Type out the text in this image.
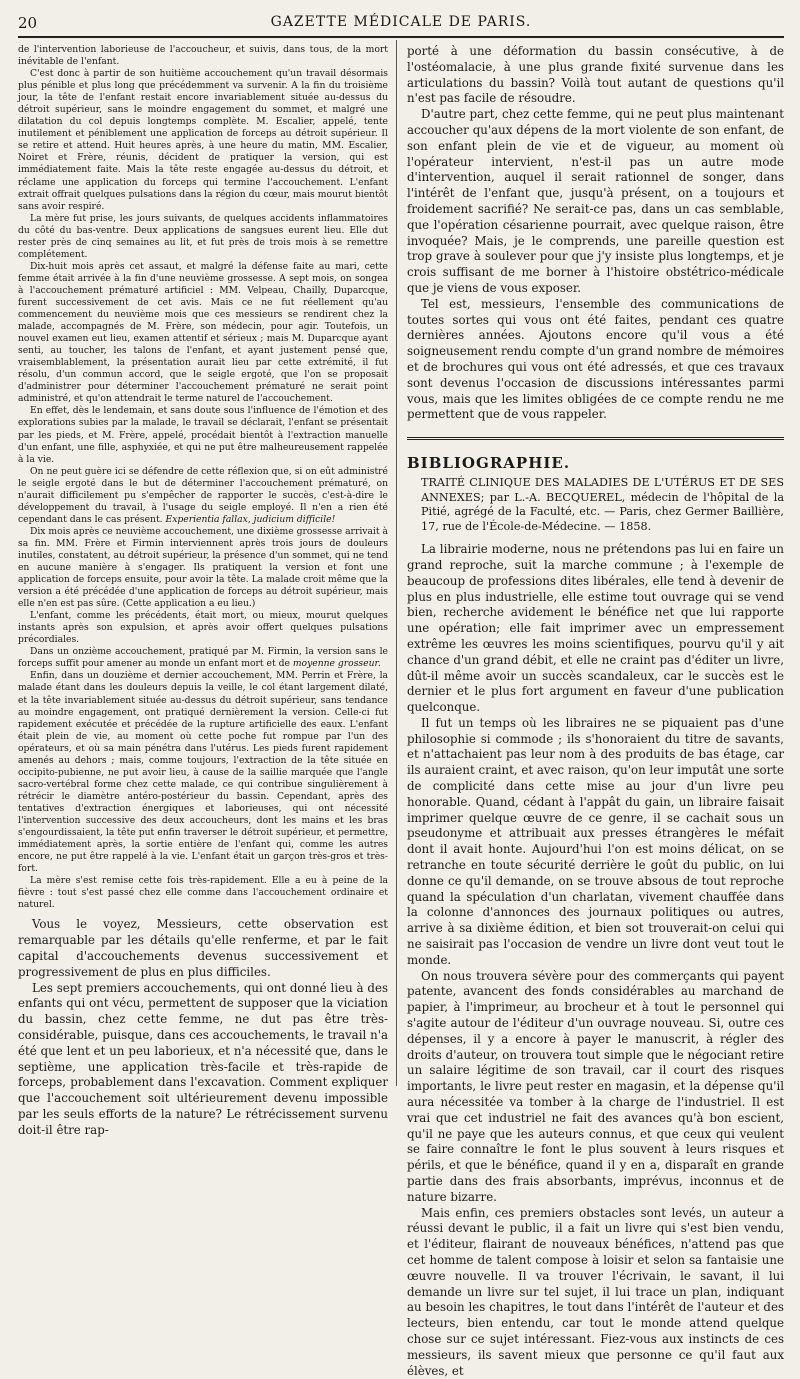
20	GAZETTE MÉDICALE DE PARIS.

de l'intervention laborieuse de l'accoucheur, et suivis, dans tous, de la mort inévitable de l'enfant.

C'est donc à partir de son huitième accouchement qu'un travail désormais plus pénible et plus long que précédemment va survenir. A la fin du troisième jour, la tête de l'enfant restait encore invariablement située au-dessus du détroit supérieur, sans le moindre engagement du sommet, et malgré une dilatation du col depuis longtemps complète. M. Escalier, appelé, tente inutilement et péniblement une application de forceps au détroit supérieur. Il se retire et attend. Huit heures après, à une heure du matin, MM. Escalier, Noiret et Frère, réunis, décident de pratiquer la version, qui est immédiatement faite. Mais la tête reste engagée au-dessus du détroit, et réclame une application du forceps qui termine l'accouchement. L'enfant extrait offrait quelques pulsations dans la région du cœur, mais mourut bientôt sans avoir respiré.

La mère fut prise, les jours suivants, de quelques accidents inflammatoires du côté du bas-ventre. Deux applications de sangsues eurent lieu. Elle dut rester près de cinq semaines au lit, et fut près de trois mois à se remettre complétement.

Dix-huit mois après cet assaut, et malgré la défense faite au mari, cette femme était arrivée à la fin d'une neuvième grossesse. A sept mois, on songea à l'accouchement prématuré artificiel : MM. Velpeau, Chailly, Duparcque, furent successivement de cet avis. Mais ce ne fut réellement qu'au commencement du neuvième mois que ces messieurs se rendirent chez la malade, accompagnés de M. Frère, son médecin, pour agir. Toutefois, un nouvel examen eut lieu, examen attentif et sérieux ; mais M. Duparcque ayant senti, au toucher, les talons de l'enfant, et ayant justement pensé que, vraisemblablement, la présentation aurait lieu par cette extrémité, il fut résolu, d'un commun accord, que le seigle ergoté, que l'on se proposait d'administrer pour déterminer l'accouchement prématuré ne serait point administré, et qu'on attendrait le terme naturel de l'accouchement.

En effet, dès le lendemain, et sans doute sous l'influence de l'émotion et des explorations subies par la malade, le travail se déclarait, l'enfant se présentait par les pieds, et M. Frère, appelé, procédait bientôt à l'extraction manuelle d'un enfant, une fille, asphyxiée, et qui ne put être malheureusement rappelée à la vie.

On ne peut guère ici se défendre de cette réflexion que, si on eût administré le seigle ergoté dans le but de déterminer l'accouchement prématuré, on n'aurait difficilement pu s'empêcher de rapporter le succès, c'est-à-dire le développement du travail, à l'usage du seigle employé. Il n'en a rien été cependant dans le cas présent. Experientia fallax, judicium difficile!

Dix mois après ce neuvième accouchement, une dixième grossesse arrivait à sa fin. MM. Frère et Firmin interviennent après trois jours de douleurs inutiles, constatent, au détroit supérieur, la présence d'un sommet, qui ne tend en aucune manière à s'engager. Ils pratiquent la version et font une application de forceps ensuite, pour avoir la tête. La malade croit même que la version a été précédée d'une application de forceps au détroit supérieur, mais elle n'en est pas sûre. (Cette application a eu lieu.)

L'enfant, comme les précédents, était mort, ou mieux, mourut quelques instants après son expulsion, et après avoir offert quelques pulsations précordiales.

Dans un onzième accouchement, pratiqué par M. Firmin, la version sans le forceps suffit pour amener au monde un enfant mort et de moyenne grosseur.

Enfin, dans un douzième et dernier accouchement, MM. Perrin et Frère, la malade étant dans les douleurs depuis la veille, le col étant largement dilaté, et la tête invariablement située au-dessus du détroit supérieur, sans tendance au moindre engagement, ont pratiqué dernièrement la version. Celle-ci fut rapidement exécutée et précédée de la rupture artificielle des eaux. L'enfant était plein de vie, au moment où cette poche fut rompue par l'un des opérateurs, et où sa main pénétra dans l'utérus. Les pieds furent rapidement amenés au dehors ; mais, comme toujours, l'extraction de la tête située en occipito-pubienne, ne put avoir lieu, à cause de la saillie marquée que l'angle sacro-vertébral forme chez cette malade, ce qui contribue singulièrement à rétrécir le diamètre antéro-postérieur du bassin. Cependant, après des tentatives d'extraction énergiques et laborieuses, qui ont nécessité l'intervention successive des deux accoucheurs, dont les mains et les bras s'engourdissaient, la tête put enfin traverser le détroit supérieur, et permettre, immédiatement après, la sortie entière de l'enfant qui, comme les autres encore, ne put être rappelé à la vie. L'enfant était un garçon très-gros et très-fort.

La mère s'est remise cette fois très-rapidement. Elle a eu à peine de la fièvre : tout s'est passé chez elle comme dans l'accouchement ordinaire et naturel.

Vous le voyez, Messieurs, cette observation est remarquable par les détails qu'elle renferme, et par le fait capital d'accouchements devenus successivement et progressivement de plus en plus difficiles.

Les sept premiers accouchements, qui ont donné lieu à des enfants qui ont vécu, permettent de supposer que la viciation du bassin, chez cette femme, ne dut pas être très-considérable, puisque, dans ces accouchements, le travail n'a été que lent et un peu laborieux, et n'a nécessité que, dans le septième, une application très-facile et très-rapide de forceps, probablement dans l'excavation. Comment expliquer que l'accouchement soit ultérieurement devenu impossible par les seuls efforts de la nature? Le rétrécissement survenu doit-il être rap-

porté à une déformation du bassin consécutive, à de l'ostéomalacie, à une plus grande fixité survenue dans les articulations du bassin? Voilà tout autant de questions qu'il n'est pas facile de résoudre.

D'autre part, chez cette femme, qui ne peut plus maintenant accoucher qu'aux dépens de la mort violente de son enfant, de son enfant plein de vie et de vigueur, au moment où l'opérateur intervient, n'est-il pas un autre mode d'intervention, auquel il serait rationnel de songer, dans l'intérêt de l'enfant que, jusqu'à présent, on a toujours et froidement sacrifié? Ne serait-ce pas, dans un cas semblable, que l'opération césarienne pourrait, avec quelque raison, être invoquée? Mais, je le comprends, une pareille question est trop grave à soulever pour que j'y insiste plus longtemps, et je crois suffisant de me borner à l'histoire obstétrico-médicale que je viens de vous exposer.

Tel est, messieurs, l'ensemble des communications de toutes sortes qui vous ont été faites, pendant ces quatre dernières années. Ajoutons encore qu'il vous a été soigneusement rendu compte d'un grand nombre de mémoires et de brochures qui vous ont été adressés, et que ces travaux sont devenus l'occasion de discussions intéressantes parmi vous, mais que les limites obligées de ce compte rendu ne me permettent que de vous rappeler.

BIBLIOGRAPHIE.
TRAITÉ CLINIQUE DES MALADIES DE L'UTÉRUS ET DE SES ANNEXES; par L.-A. BECQUEREL, médecin de l'hôpital de la Pitié, agrégé de la Faculté, etc. — Paris, chez Germer Baillière, 17, rue de l'École-de-Médecine. — 1858.

La librairie moderne, nous ne prétendons pas lui en faire un grand reproche, suit la marche commune ; à l'exemple de beaucoup de professions dites libérales, elle tend à devenir de plus en plus industrielle, elle estime tout ouvrage qui se vend bien, recherche avidement le bénéfice net que lui rapporte une opération; elle fait imprimer avec un empressement extrême les œuvres les moins scientifiques, pourvu qu'il y ait chance d'un grand débit, et elle ne craint pas d'éditer un livre, dût-il même avoir un succès scandaleux, car le succès est le dernier et le plus fort argument en faveur d'une publication quelconque.

Il fut un temps où les libraires ne se piquaient pas d'une philosophie si commode ; ils s'honoraient du titre de savants, et n'attachaient pas leur nom à des produits de bas étage, car ils auraient craint, et avec raison, qu'on leur imputât une sorte de complicité dans cette mise au jour d'un livre peu honorable. Quand, cédant à l'appât du gain, un libraire faisait imprimer quelque œuvre de ce genre, il se cachait sous un pseudonyme et attribuait aux presses étrangères le méfait dont il avait honte. Aujourd'hui l'on est moins délicat, on se retranche en toute sécurité derrière le goût du public, on lui donne ce qu'il demande, on se trouve absous de tout reproche quand la spéculation d'un charlatan, vivement chauffée dans la colonne d'annonces des journaux politiques ou autres, arrive à sa dixième édition, et bien sot trouverait-on celui qui ne saisirait pas l'occasion de vendre un livre dont veut tout le monde.

On nous trouvera sévère pour des commerçants qui payent patente, avancent des fonds considérables au marchand de papier, à l'imprimeur, au brocheur et à tout le personnel qui s'agite autour de l'éditeur d'un ouvrage nouveau. Si, outre ces dépenses, il y a encore à payer le manuscrit, à régler des droits d'auteur, on trouvera tout simple que le négociant retire un salaire légitime de son travail, car il court des risques importants, le livre peut rester en magasin, et la dépense qu'il aura nécessitée va tomber à la charge de l'industriel. Il est vrai que cet industriel ne fait des avances qu'à bon escient, qu'il ne paye que les auteurs connus, et que ceux qui veulent se faire connaître le font le plus souvent à leurs risques et périls, et que le bénéfice, quand il y en a, disparaît en grande partie dans des frais absorbants, imprévus, inconnus et de nature bizarre.

Mais enfin, ces premiers obstacles sont levés, un auteur a réussi devant le public, il a fait un livre qui s'est bien vendu, et l'éditeur, flairant de nouveaux bénéfices, n'attend pas que cet homme de talent compose à loisir et selon sa fantaisie une œuvre nouvelle. Il va trouver l'écrivain, le savant, il lui demande un livre sur tel sujet, il lui trace un plan, indiquant au besoin les chapitres, le tout dans l'intérêt de l'auteur et des lecteurs, bien entendu, car tout le monde attend quelque chose sur ce sujet intéressant. Fiez-vous aux instincts de ces messieurs, ils savent mieux que personne ce qu'il faut aux élèves, et
